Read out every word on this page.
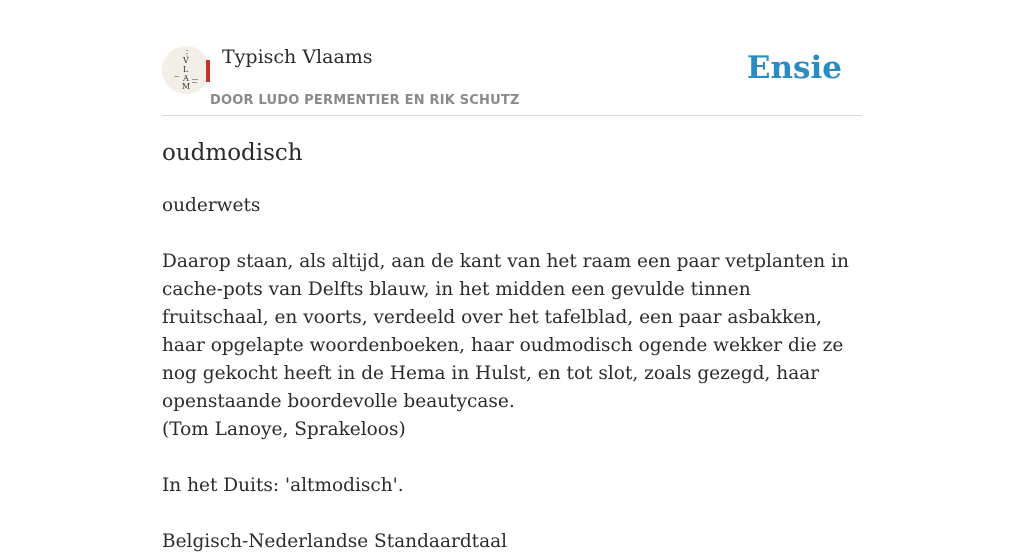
⋮
V
L
A
M
Typisch Vlaams
DOOR LUDO PERMENTIER EN RIK SCHUTZ
Ensie
oudmodisch

ouderwets

Daarop staan, als altijd, aan de kant van het raam een paar vetplanten in cache-pots van Delfts blauw, in het midden een gevulde tinnen fruitschaal, en voorts, verdeeld over het tafelblad, een paar asbakken, haar opgelapte woordenboeken, haar oudmodisch ogende wekker die ze nog gekocht heeft in de Hema in Hulst, en tot slot, zoals gezegd, haar openstaande boordevolle beautycase.

(Tom Lanoye, Sprakeloos)

In het Duits: 'altmodisch'.

Belgisch-Nederlandse Standaardtaal
